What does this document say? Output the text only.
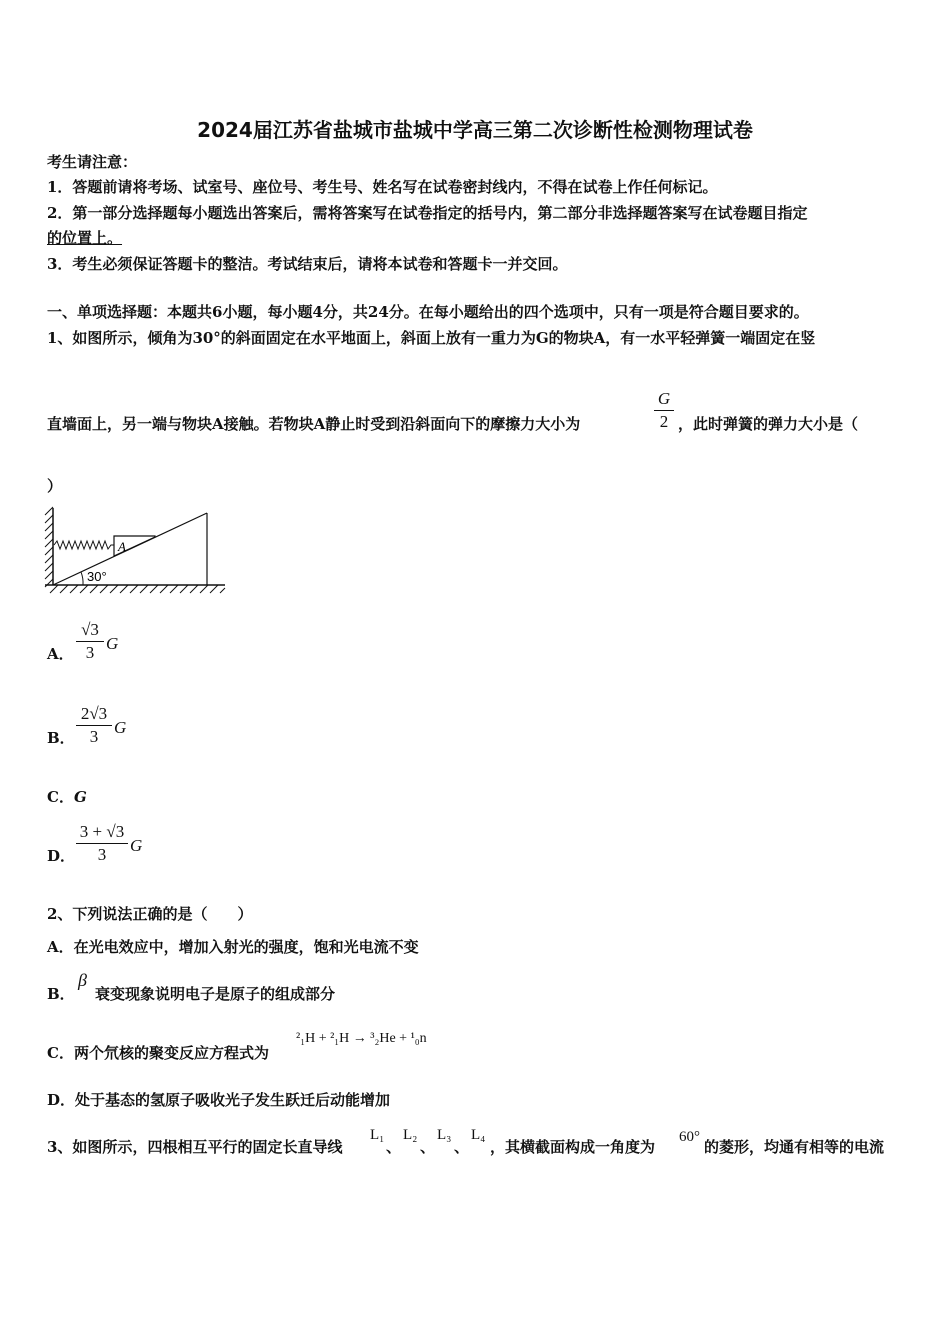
2024届江苏省盐城市盐城中学高三第二次诊断性检测物理试卷
考生请注意：
1．答题前请将考场、试室号、座位号、考生号、姓名写在试卷密封线内，不得在试卷上作任何标记。
2．第一部分选择题每小题选出答案后，需将答案写在试卷指定的括号内，第二部分非选择题答案写在试卷题目指定
的位置上。
3．考生必须保证答题卡的整洁。考试结束后，请将本试卷和答题卡一并交回。
一、单项选择题：本题共6小题，每小题4分，共24分。在每小题给出的四个选项中，只有一项是符合题目要求的。
1、如图所示，倾角为30°的斜面固定在水平地面上，斜面上放有一重力为G的物块A，有一水平轻弹簧一端固定在竖
直墙面上，另一端与物块A接触。若物块A静止时受到沿斜面向下的摩擦力大小为
G
2 ，此时弹簧的弹力大小是（
）
A
30°
A．
√3
3 G
B．
2√3
3 G
C．G
D．
3 + √3
3	G
2、下列说法正确的是（　　）
A．在光电效应中，增加入射光的强度，饱和光电流不变
B．
β
衰变现象说明电子是原子的组成部分
C．两个氘核的聚变反应方程式为
²₁H + ²₁H → ³₂He + ¹₀n
D．处于基态的氢原子吸收光子发生跃迁后动能增加
3、如图所示，四根相互平行的固定长直导线
L₁
、
L₂
、
L₃
、
L₄
，其横截面构成一角度为
60°
的菱形，均通有相等的电流
